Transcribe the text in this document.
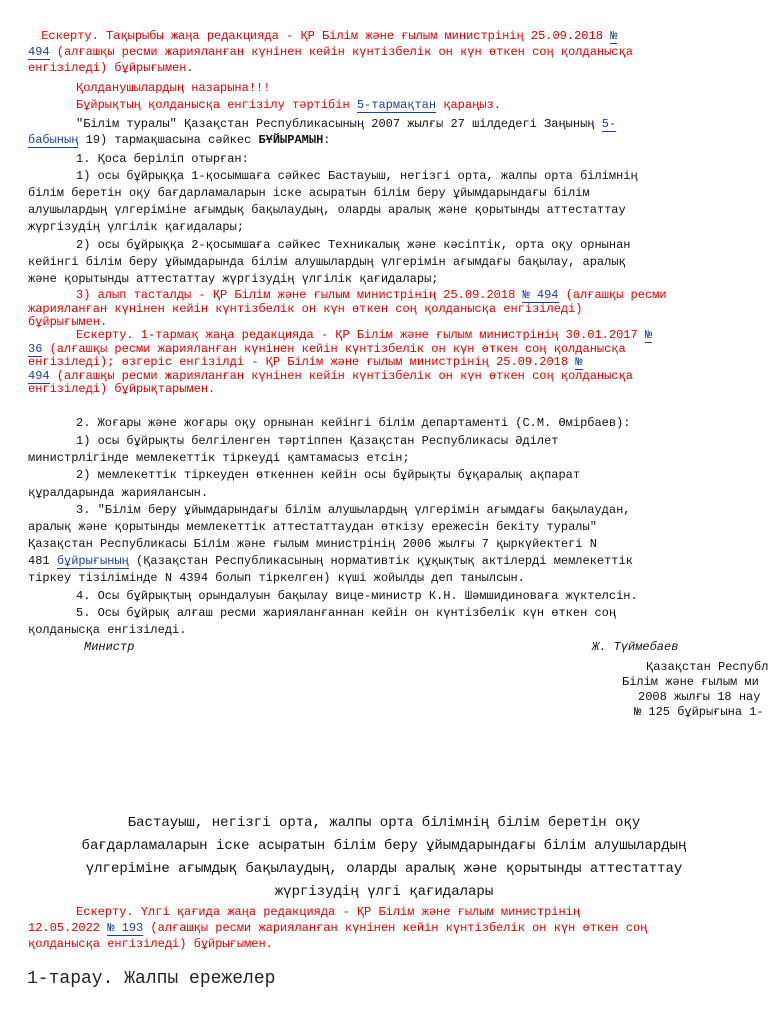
Ескерту. Тақырыбы жаңа редакцияда - ҚР Білім және ғылым министрінің 25.09.2018 №

494 (алғашқы ресми жарияланған күнінен кейін күнтізбелік он күн өткен соң қолданысқа

енгізіледі) бұйрығымен.

Қолданушылардың назарына!!!

Бұйрықтың қолданысқа енгізілу тәртібін 5-тармақтан қараңыз.

"Білім туралы" Қазақстан Республикасының 2007 жылғы 27 шілдедегі Заңының 5-

бабының 19) тармақшасына сәйкес БҰЙЫРАМЫН:

1. Қоса беріліп отырған:

1) осы бұйрыққа 1-қосымшаға сәйкес Бастауыш, негізгі орта, жалпы орта білімнің

білім беретін оқу бағдарламаларын іске асыратын білім беру ұйымдарындағы білім

алушылардың үлгеріміне ағымдық бақылаудың, оларды аралық және қорытынды аттестаттау

жүргізудің үлгілік қағидалары;

2) осы бұйрыққа 2-қосымшаға сәйкес Техникалық және кәсіптік, орта оқу орнынан

кейінгі білім беру ұйымдарында білім алушылардың үлгерімін ағымдағы бақылау, аралық

және қорытынды аттестаттау жүргізудің үлгілік қағидалары;

3) алып тасталды - ҚР Білім және ғылым министрінің 25.09.2018 № 494 (алғашқы ресми

жарияланған күнінен кейін күнтізбелік он күн өткен соң қолданысқа енгізіледі)

бұйрығымен.

Ескерту. 1-тармақ жаңа редакцияда - ҚР Білім және ғылым министрінің 30.01.2017 №

36 (алғашқы ресми жарияланған күнінен кейін күнтізбелік он күн өткен соң қолданысқа

енгізіледі); өзгеріс енгізілді - ҚР Білім және ғылым министрінің 25.09.2018 №

494 (алғашқы ресми жарияланған күнінен кейін күнтізбелік он күн өткен соң қолданысқа

енгізіледі) бұйрықтарымен.

2. Жоғары және жоғары оқу орнынан кейінгі білім департаменті (С.М. Өмірбаев):

1) осы бұйрықты белгіленген тәртіппен Қазақстан Республикасы Әділет

министрлігінде мемлекеттік тіркеуді қамтамасыз етсін;

2) мемлекеттік тіркеуден өткеннен кейін осы бұйрықты бұқаралық ақпарат

құралдарында жариялансын.

3. "Білім беру ұйымдарындағы білім алушылардың үлгерімін ағымдағы бақылаудан,

аралық және қорытынды мемлекеттік аттестаттаудан өткізу ережесін бекіту туралы"

Қазақстан Республикасы Білім және ғылым министрінің 2006 жылғы 7 қыркүйектегі N

481 бұйрығының (Қазақстан Республикасының нормативтік құқықтық актілерді мемлекеттік

тіркеу тізілімінде N 4394 болып тіркелген) күші жойылды деп танылсын.

4. Осы бұйрықтың орындалуын бақылау вице-министр К.Н. Шәмшидиноваға жүктелсін.

5. Осы бұйрық алғаш ресми жарияланғаннан кейін он күнтізбелік күн өткен соң

қолданысқа енгізіледі.

Министр	Ж. Түймебаев

Қазақстан Республ
Білім және ғылым ми
2008 жылғы 18 нау
№ 125 бұйрығына 1-
Бастауыш, негізгі орта, жалпы орта білімнің білім беретін оқу
бағдарламаларын іске асыратын білім беру ұйымдарындағы білім алушылардың
үлгеріміне ағымдық бақылаудың, оларды аралық және қорытынды аттестаттау
жүргізудің үлгі қағидалары

Ескерту. Үлгі қағида жаңа редакцияда - ҚР Білім және ғылым министрінің

12.05.2022 № 193 (алғашқы ресми жарияланған күнінен кейін күнтізбелік он күн өткен соң

қолданысқа енгізіледі) бұйрығымен.

1-тарау. Жалпы ережелер
